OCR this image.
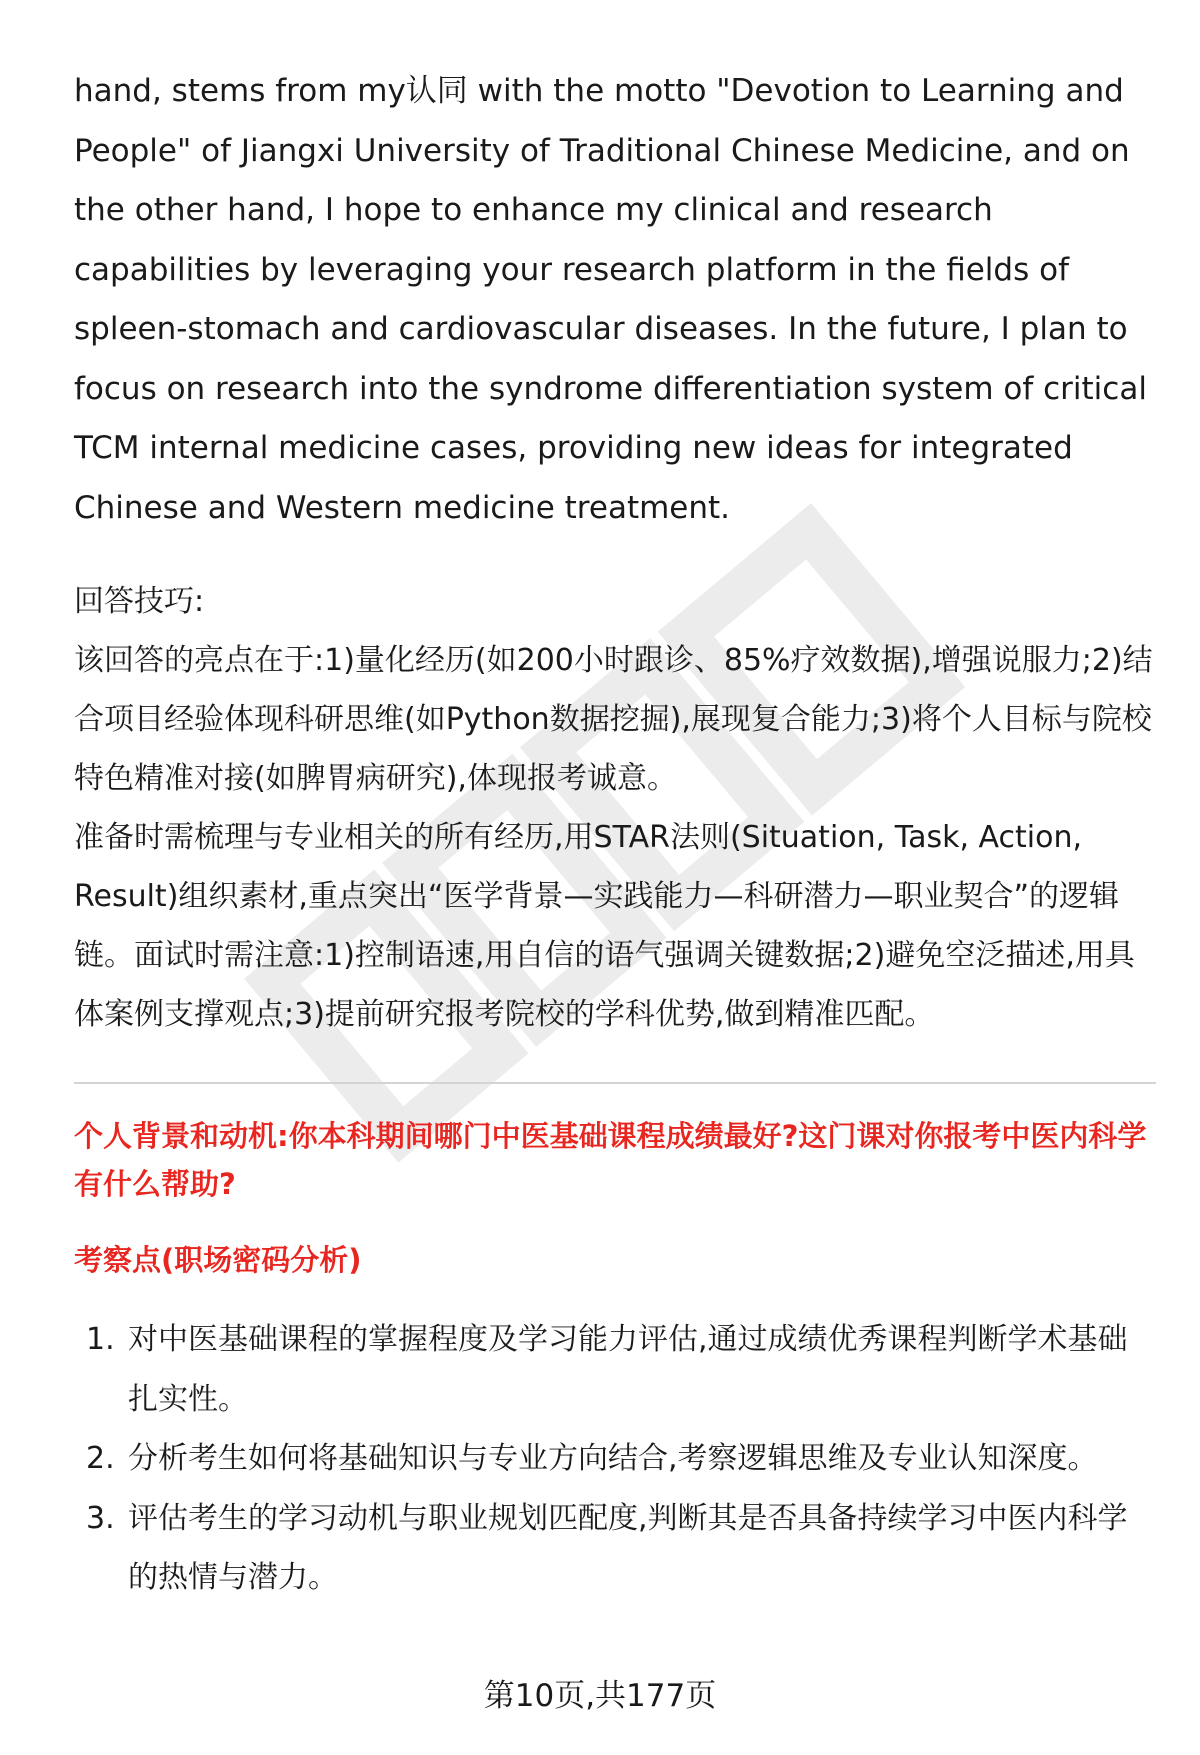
hand, stems from my认同 with the motto "Devotion to Learning and People" of Jiangxi University of Traditional Chinese Medicine, and on the other hand, I hope to enhance my clinical and research capabilities by leveraging your research platform in the fields of spleen-stomach and cardiovascular diseases. In the future, I plan to focus on research into the syndrome differentiation system of critical TCM internal medicine cases, providing new ideas for integrated Chinese and Western medicine treatment.

回答技巧:

该回答的亮点在于:1)量化经历(如200小时跟诊、85%疗效数据),增强说服力;2)结合项目经验体现科研思维(如Python数据挖掘),展现复合能力;3)将个人目标与院校特色精准对接(如脾胃病研究),体现报考诚意。

准备时需梳理与专业相关的所有经历,用STAR法则(Situation, Task, Action, Result)组织素材,重点突出“医学背景—实践能力—科研潜力—职业契合”的逻辑链。面试时需注意:1)控制语速,用自信的语气强调关键数据;2)避免空泛描述,用具体案例支撑观点;3)提前研究报考院校的学科优势,做到精准匹配。

个人背景和动机:你本科期间哪门中医基础课程成绩最好?这门课对你报考中医内科学有什么帮助?

考察点(职场密码分析)

1. 对中医基础课程的掌握程度及学习能力评估,通过成绩优秀课程判断学术基础扎实性。
2. 分析考生如何将基础知识与专业方向结合,考察逻辑思维及专业认知深度。
3. 评估考生的学习动机与职业规划匹配度,判断其是否具备持续学习中医内科学的热情与潜力。
第10页,共177页
